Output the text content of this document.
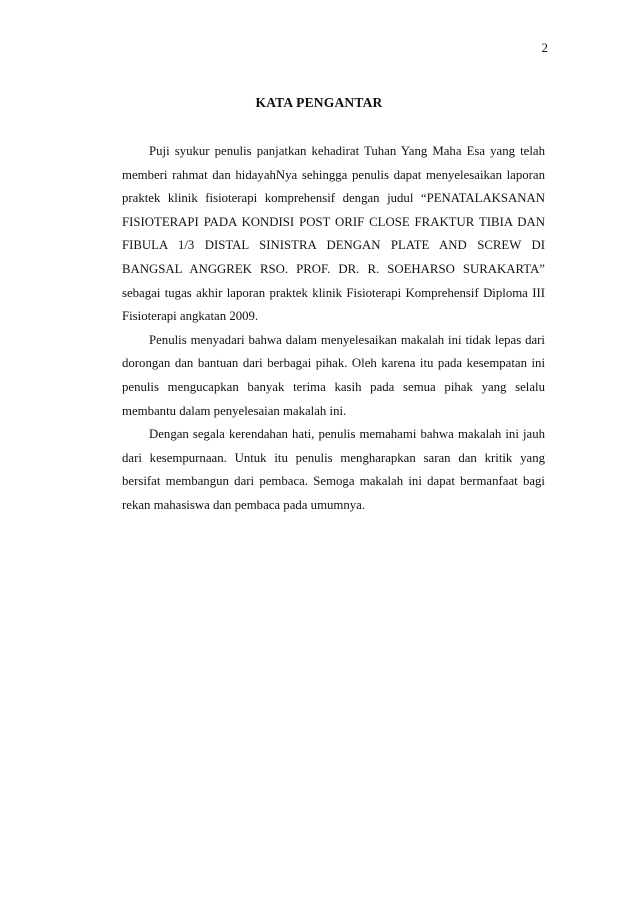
2
KATA PENGANTAR

Puji syukur penulis panjatkan kehadirat Tuhan Yang Maha Esa yang telah memberi rahmat dan hidayahNya sehingga penulis dapat menyelesaikan laporan praktek klinik fisioterapi komprehensif dengan judul “PENATALAKSANAN FISIOTERAPI PADA KONDISI POST ORIF CLOSE FRAKTUR TIBIA DAN FIBULA 1/3 DISTAL SINISTRA DENGAN PLATE AND SCREW DI BANGSAL ANGGREK RSO. PROF. DR. R. SOEHARSO SURAKARTA” sebagai tugas akhir laporan praktek klinik Fisioterapi Komprehensif Diploma III Fisioterapi angkatan 2009.

Penulis menyadari bahwa dalam menyelesaikan makalah ini tidak lepas dari dorongan dan bantuan dari berbagai pihak. Oleh karena itu pada kesempatan ini penulis mengucapkan banyak terima kasih pada semua pihak yang selalu membantu dalam penyelesaian makalah ini.

Dengan segala kerendahan hati, penulis memahami bahwa makalah ini jauh dari kesempurnaan. Untuk itu penulis mengharapkan saran dan kritik yang bersifat membangun dari pembaca. Semoga makalah ini dapat bermanfaat bagi rekan mahasiswa dan pembaca pada umumnya.
